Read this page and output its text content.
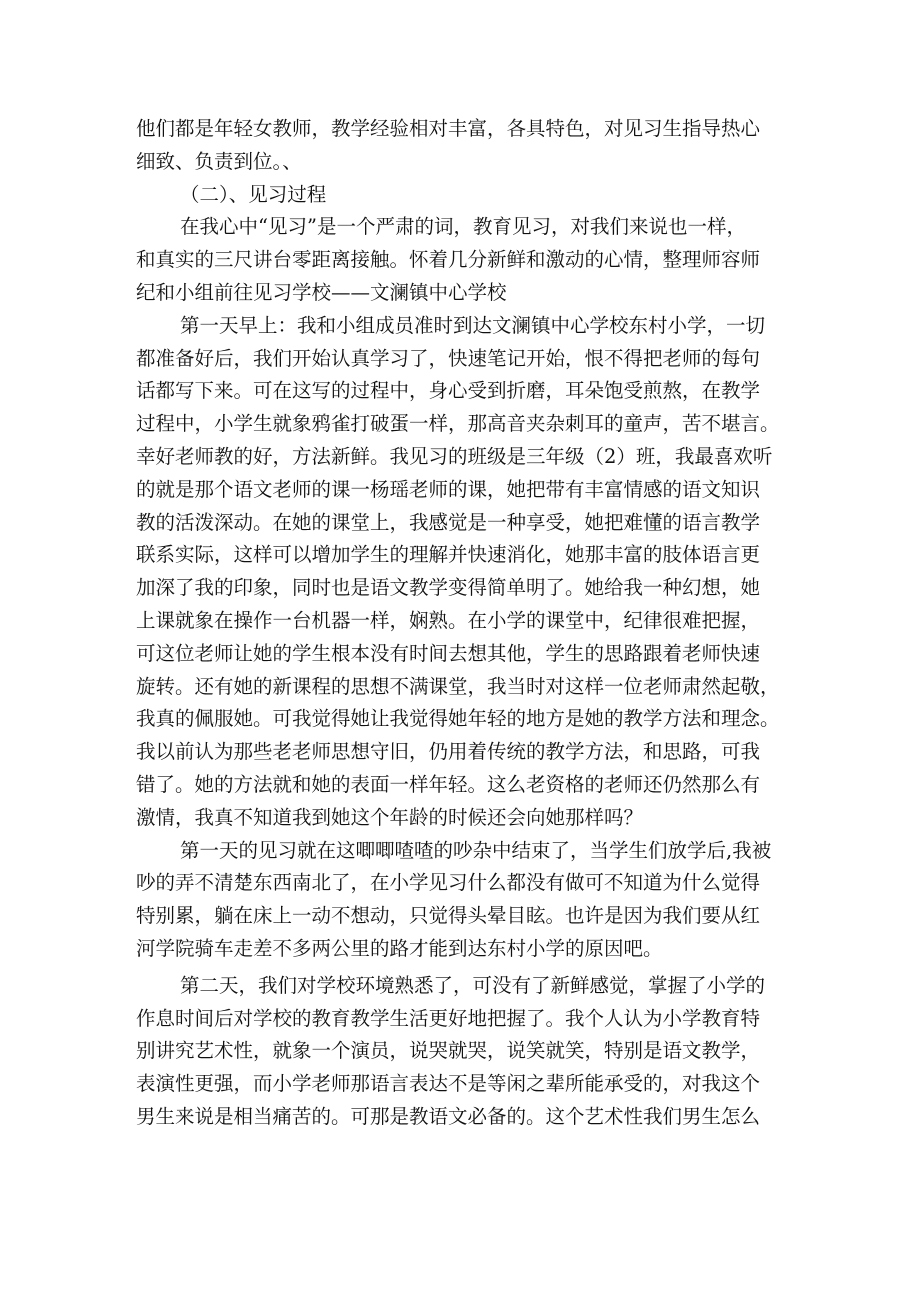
他们都是年轻女教师，教学经验相对丰富，各具特色，对见习生指导热心
细致、负责到位。、
（二）、见习过程
在我心中“见习”是一个严肃的词，教育见习，对我们来说也一样，
和真实的三尺讲台零距离接触。怀着几分新鲜和激动的心情，整理师容师
纪和小组前往见习学校——文澜镇中心学校
第一天早上：我和小组成员准时到达文澜镇中心学校东村小学，一切
都准备好后，我们开始认真学习了，快速笔记开始，恨不得把老师的每句
话都写下来。可在这写的过程中，身心受到折磨，耳朵饱受煎熬，在教学
过程中，小学生就象鸦雀打破蛋一样，那高音夹杂刺耳的童声，苦不堪言。
幸好老师教的好，方法新鲜。我见习的班级是三年级（2）班，我最喜欢听
的就是那个语文老师的课一杨瑶老师的课，她把带有丰富情感的语文知识
教的活泼深动。在她的课堂上，我感觉是一种享受，她把难懂的语言教学
联系实际，这样可以增加学生的理解并快速消化，她那丰富的肢体语言更
加深了我的印象，同时也是语文教学变得简单明了。她给我一种幻想，她
上课就象在操作一台机器一样，娴熟。在小学的课堂中，纪律很难把握，
可这位老师让她的学生根本没有时间去想其他，学生的思路跟着老师快速
旋转。还有她的新课程的思想不满课堂，我当时对这样一位老师肃然起敬，
我真的佩服她。可我觉得她让我觉得她年轻的地方是她的教学方法和理念。
我以前认为那些老老师思想守旧，仍用着传统的教学方法，和思路，可我
错了。她的方法就和她的表面一样年轻。这么老资格的老师还仍然那么有
激情，我真不知道我到她这个年龄的时候还会向她那样吗？
第一天的见习就在这唧唧喳喳的吵杂中结束了，当学生们放学后,我被
吵的弄不清楚东西南北了，在小学见习什么都没有做可不知道为什么觉得
特别累，躺在床上一动不想动，只觉得头晕目眩。也许是因为我们要从红
河学院骑车走差不多两公里的路才能到达东村小学的原因吧。
第二天，我们对学校环境熟悉了，可没有了新鲜感觉，掌握了小学的
作息时间后对学校的教育教学生活更好地把握了。我个人认为小学教育特
别讲究艺术性，就象一个演员，说哭就哭，说笑就笑，特别是语文教学，
表演性更强，而小学老师那语言表达不是等闲之辈所能承受的，对我这个
男生来说是相当痛苦的。可那是教语文必备的。这个艺术性我们男生怎么
